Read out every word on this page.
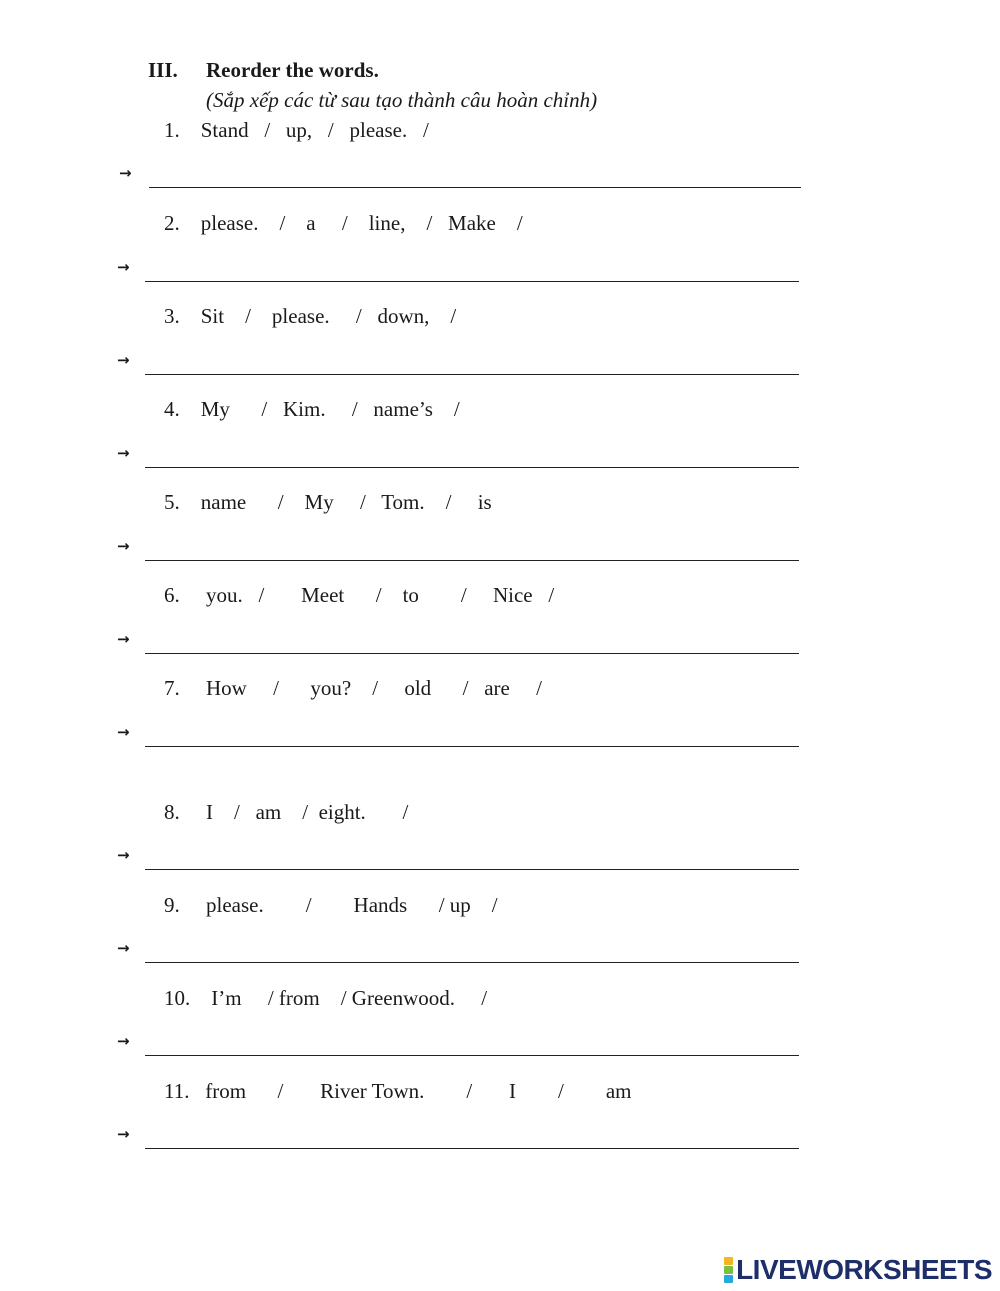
III. Reorder the words.
(Sắp xếp các từ sau tạo thành câu hoàn chỉnh)
1.    Stand   /   up,   /   please.   /
→
2.    please.    /    a     /    line,    /   Make    /
→
3.    Sit    /    please.     /   down,    /
→
4.    My      /   Kim.     /   name’s    /
→
5.    name      /    My     /   Tom.    /     is
→
6.     you.   /       Meet      /    to        /     Nice   /
→
7.     How     /      you?    /     old      /   are     /
→
8.     I    /   am    /  eight.       /
→
9.     please.        /        Hands      / up    /
→
10.    I’m     / from    / Greenwood.     /
→
11.   from      /       River Town.        /       I        /        am
→
LIVEWORKSHEETS
